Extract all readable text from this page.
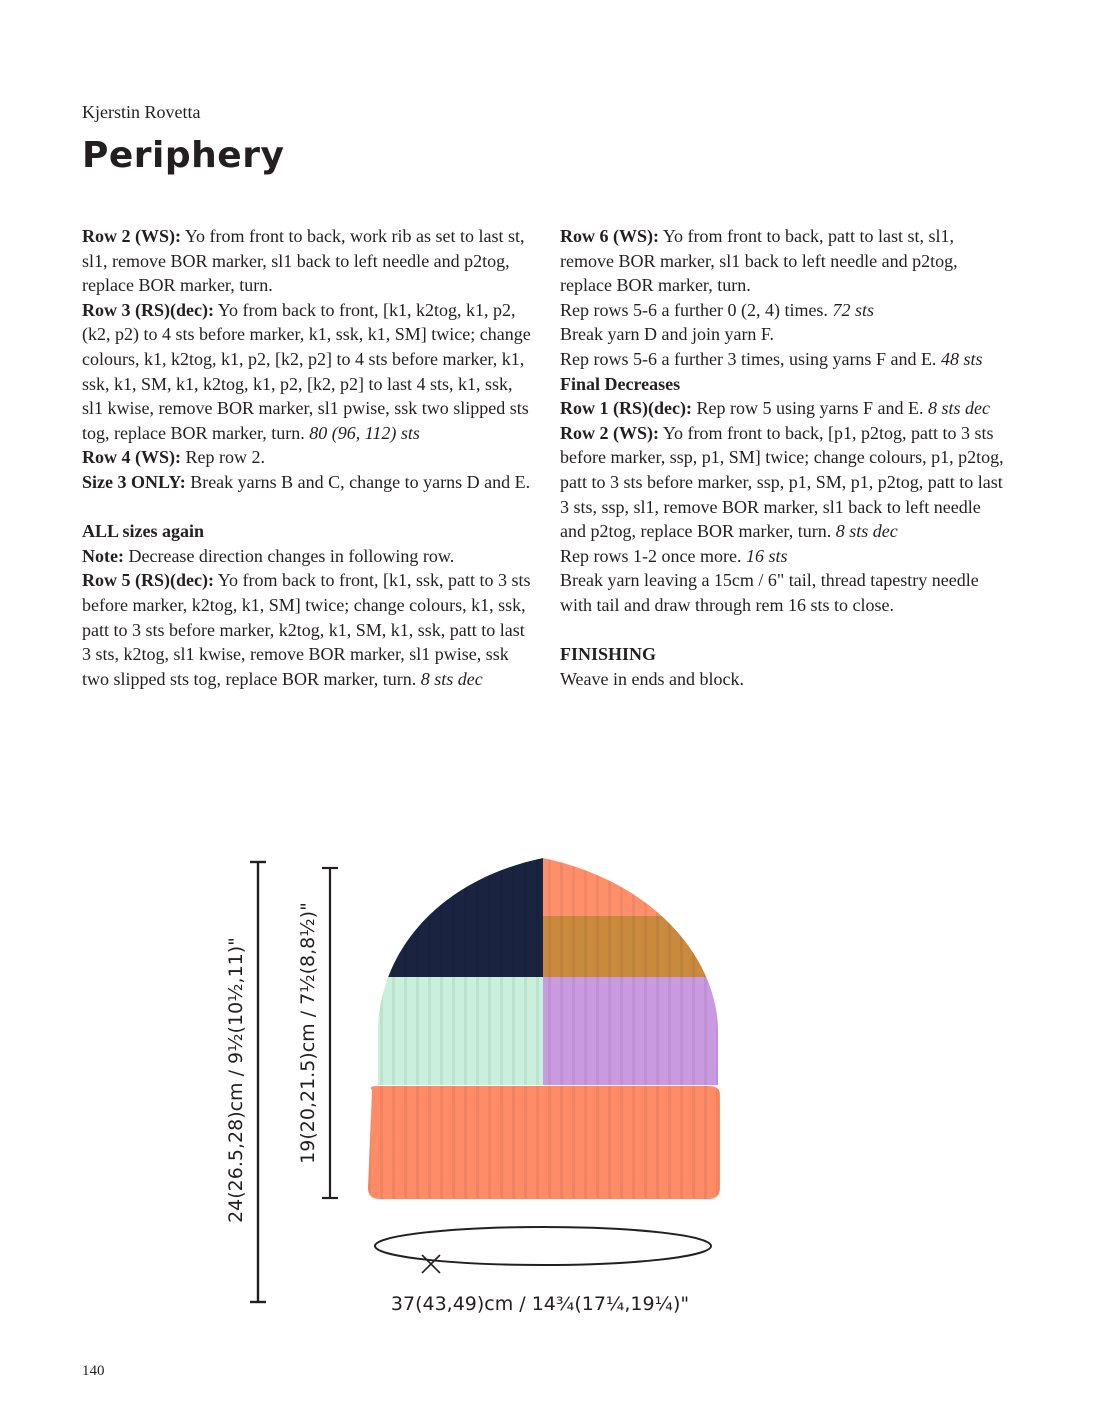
Kjerstin Rovetta
Periphery

Row 2 (WS): Yo from front to back, work rib as set to last st, sl1, remove BOR marker, sl1 back to left needle and p2tog, replace BOR marker, turn.

Row 3 (RS)(dec): Yo from back to front, [k1, k2tog, k1, p2, (k2, p2) to 4 sts before marker, k1, ssk, k1, SM] twice; change colours, k1, k2tog, k1, p2, [k2, p2] to 4 sts before marker, k1, ssk, k1, SM, k1, k2tog, k1, p2, [k2, p2] to last 4 sts, k1, ssk, sl1 kwise, remove BOR marker, sl1 pwise, ssk two slipped sts tog, replace BOR marker, turn. 80 (96, 112) sts

Row 4 (WS): Rep row 2.

Size 3 ONLY: Break yarns B and C, change to yarns D and E.

ALL sizes again

Note: Decrease direction changes in following row.

Row 5 (RS)(dec): Yo from back to front, [k1, ssk, patt to 3 sts before marker, k2tog, k1, SM] twice; change colours, k1, ssk, patt to 3 sts before marker, k2tog, k1, SM, k1, ssk, patt to last 3 sts, k2tog, sl1 kwise, remove BOR marker, sl1 pwise, ssk two slipped sts tog, replace BOR marker, turn. 8 sts dec

Row 6 (WS): Yo from front to back, patt to last st, sl1, remove BOR marker, sl1 back to left needle and p2tog, replace BOR marker, turn.

Rep rows 5-6 a further 0 (2, 4) times. 72 sts

Break yarn D and join yarn F.

Rep rows 5-6 a further 3 times, using yarns F and E. 48 sts

Final Decreases

Row 1 (RS)(dec): Rep row 5 using yarns F and E. 8 sts dec

Row 2 (WS): Yo from front to back, [p1, p2tog, patt to 3 sts before marker, ssp, p1, SM] twice; change colours, p1, p2tog, patt to 3 sts before marker, ssp, p1, SM, p1, p2tog, patt to last 3 sts, ssp, sl1, remove BOR marker, sl1 back to left needle and p2tog, replace BOR marker, turn. 8 sts dec

Rep rows 1-2 once more. 16 sts

Break yarn leaving a 15cm / 6" tail, thread tapestry needle with tail and draw through rem 16 sts to close.

FINISHING

Weave in ends and block.

24(26.5,28)cm / 9½(10½,11)"	19(20,21.5)cm / 7½(8,8½)"
37(43,49)cm / 14¾(17¼,19¼)"
140
